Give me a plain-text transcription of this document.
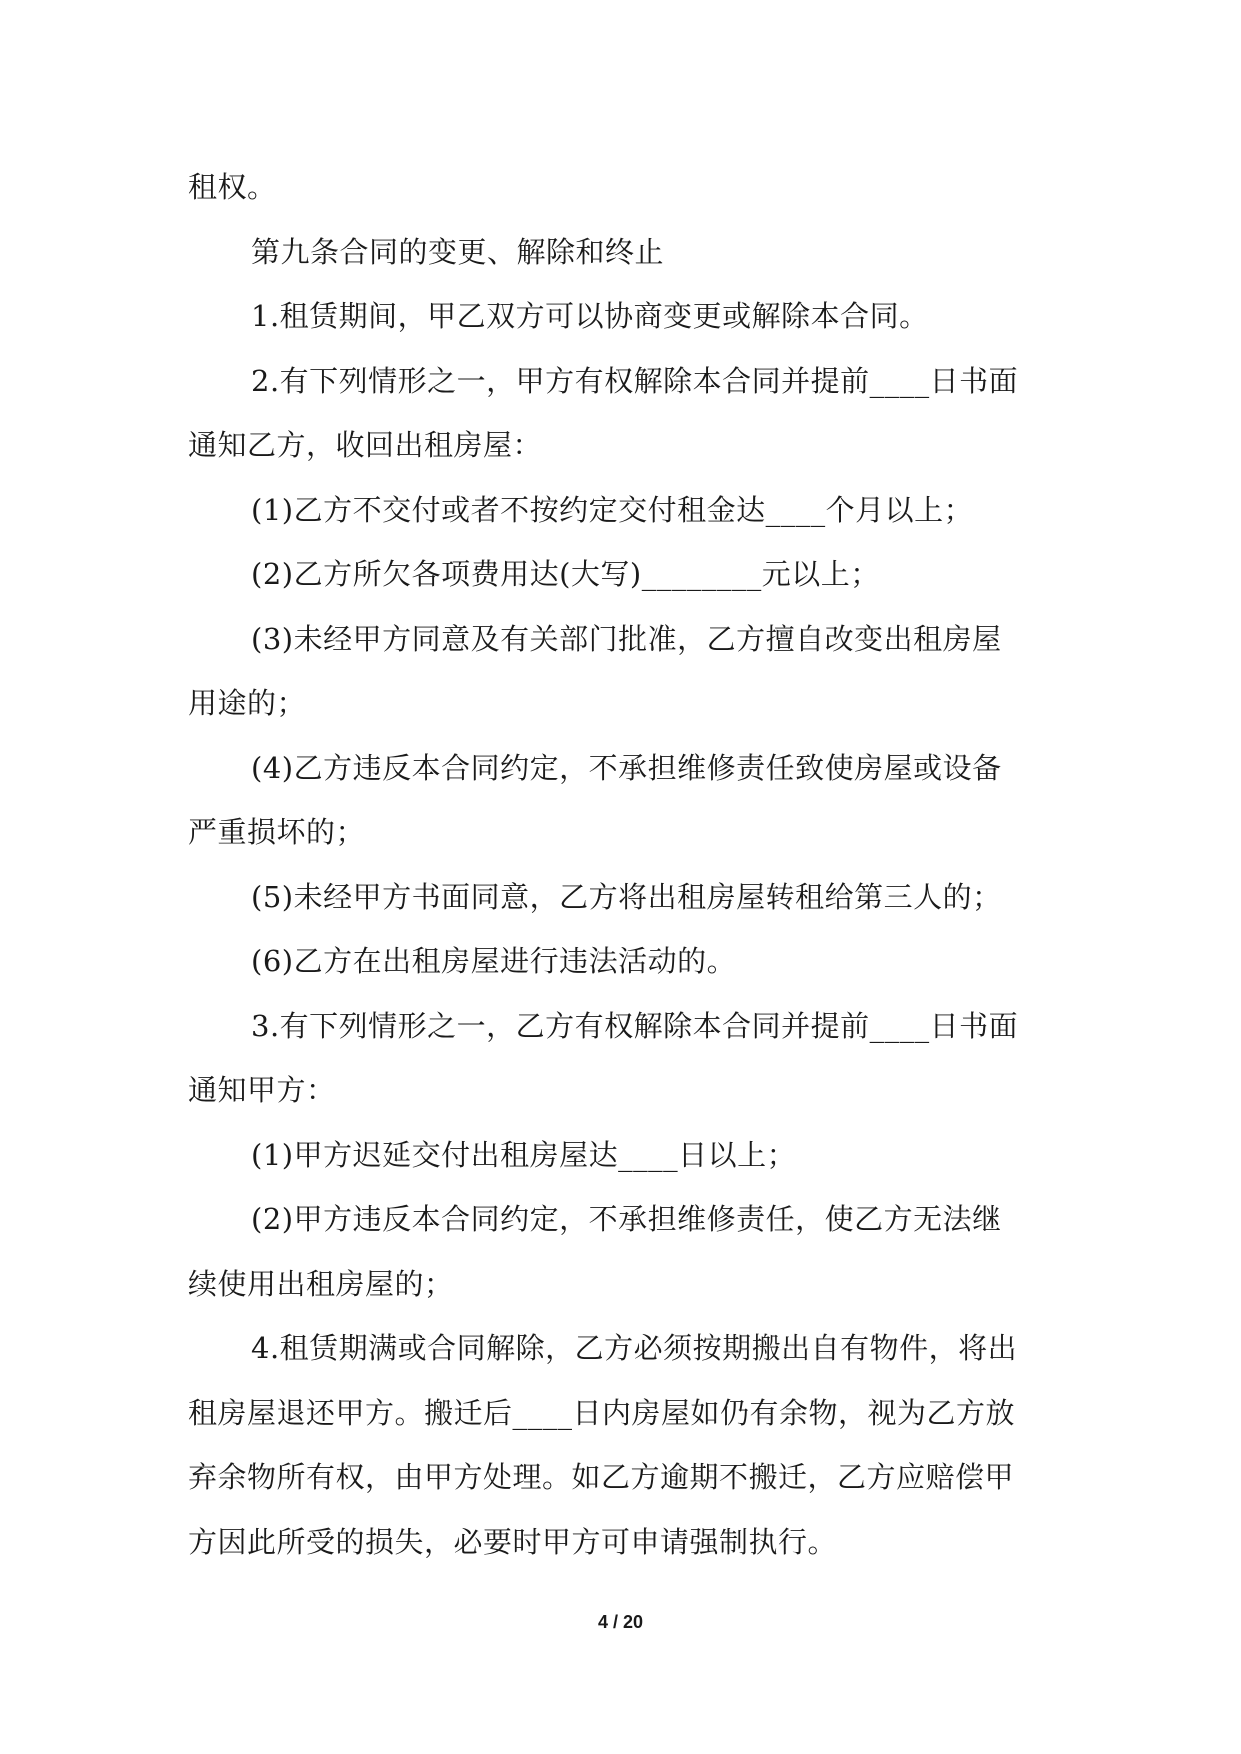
租权。
第九条合同的变更、解除和终止
1.租赁期间，甲乙双方可以协商变更或解除本合同。
2.有下列情形之一，甲方有权解除本合同并提前____日书面
通知乙方，收回出租房屋：
(1)乙方不交付或者不按约定交付租金达____个月以上；
(2)乙方所欠各项费用达(大写)________元以上；
(3)未经甲方同意及有关部门批准，乙方擅自改变出租房屋
用途的；
(4)乙方违反本合同约定，不承担维修责任致使房屋或设备
严重损坏的；
(5)未经甲方书面同意，乙方将出租房屋转租给第三人的；
(6)乙方在出租房屋进行违法活动的。
3.有下列情形之一，乙方有权解除本合同并提前____日书面
通知甲方：
(1)甲方迟延交付出租房屋达____日以上；
(2)甲方违反本合同约定，不承担维修责任，使乙方无法继
续使用出租房屋的；
4.租赁期满或合同解除，乙方必须按期搬出自有物件，将出
租房屋退还甲方。搬迁后____日内房屋如仍有余物，视为乙方放
弃余物所有权，由甲方处理。如乙方逾期不搬迁，乙方应赔偿甲
方因此所受的损失，必要时甲方可申请强制执行。
4 / 20
